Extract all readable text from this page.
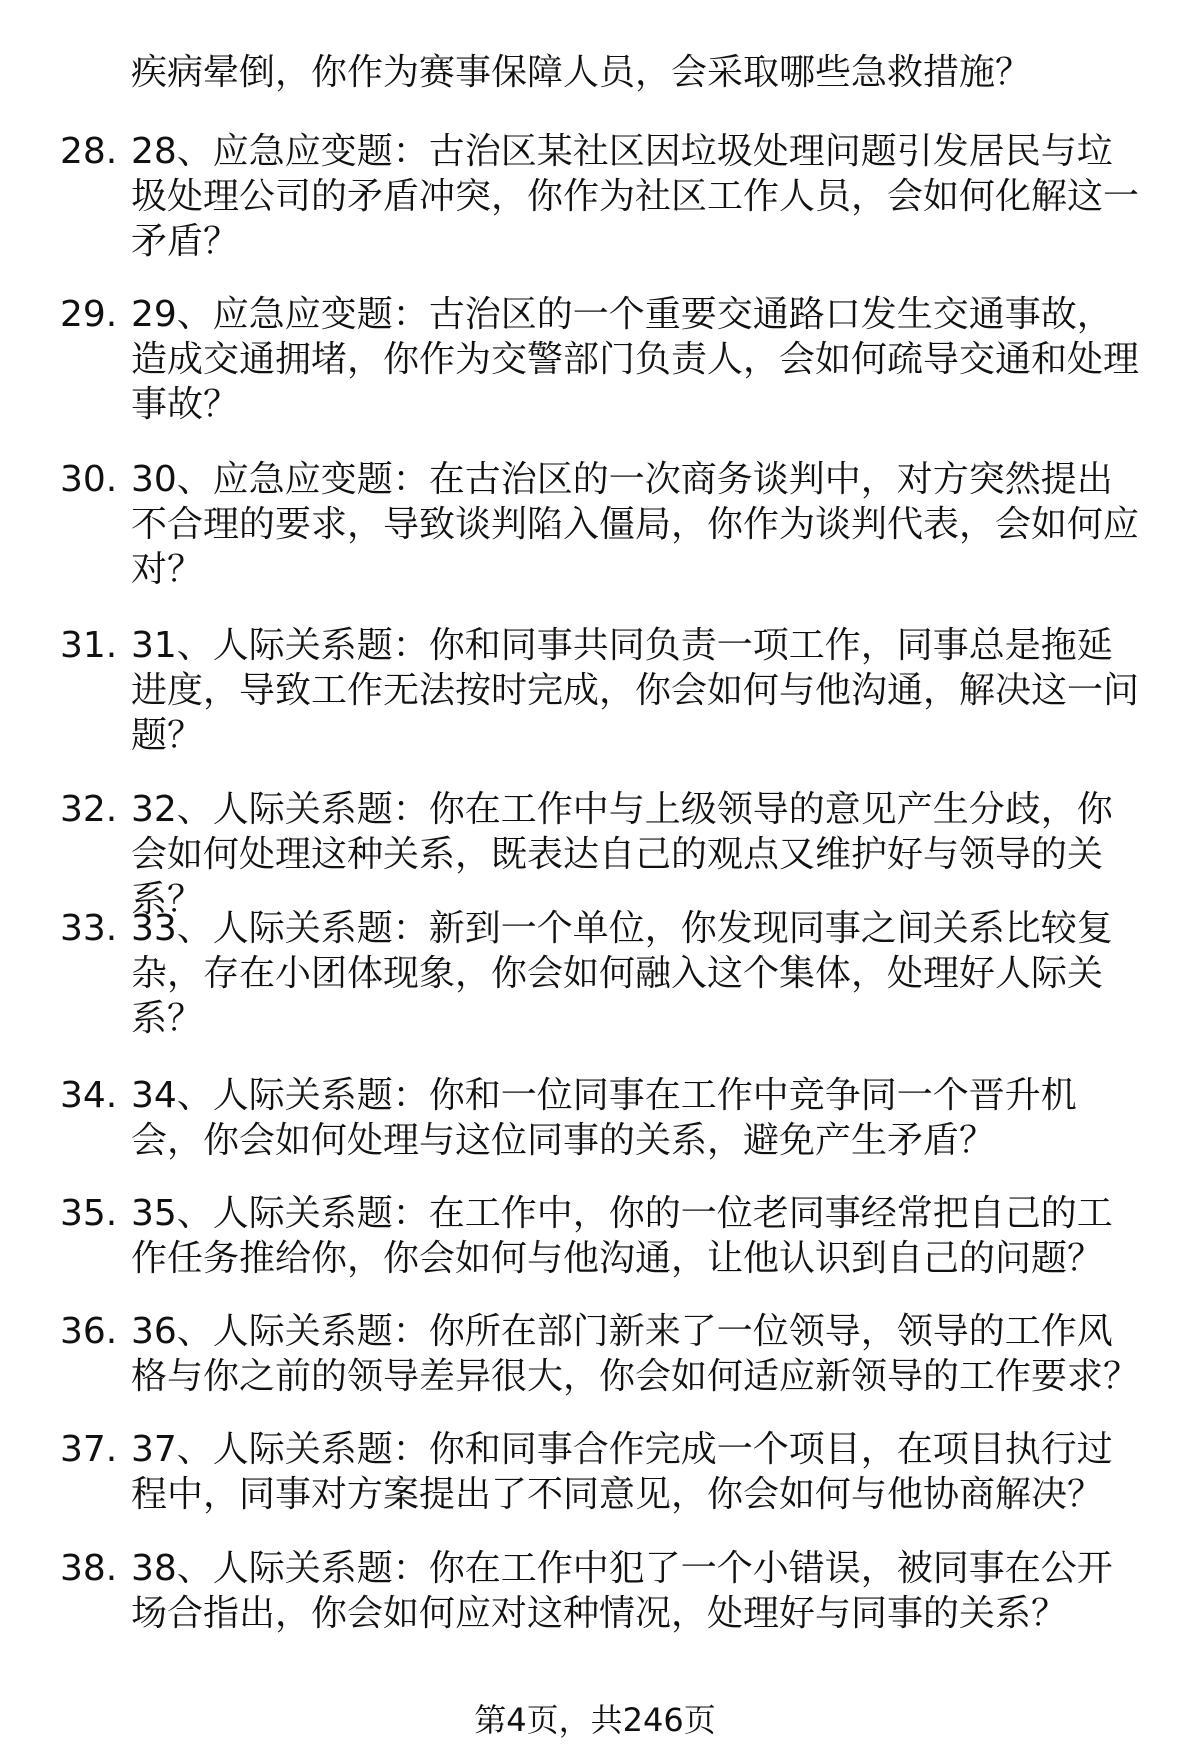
疾病晕倒，你作为赛事保障人员，会采取哪些急救措施？
28. 28、应急应变题：古治区某社区因垃圾处理问题引发居民与垃圾处理公司的矛盾冲突，你作为社区工作人员，会如何化解这一矛盾？
29. 29、应急应变题：古治区的一个重要交通路口发生交通事故，造成交通拥堵，你作为交警部门负责人，会如何疏导交通和处理事故？
30. 30、应急应变题：在古治区的一次商务谈判中，对方突然提出不合理的要求，导致谈判陷入僵局，你作为谈判代表，会如何应对？
31. 31、人际关系题：你和同事共同负责一项工作，同事总是拖延进度，导致工作无法按时完成，你会如何与他沟通，解决这一问题？
32. 32、人际关系题：你在工作中与上级领导的意见产生分歧，你会如何处理这种关系，既表达自己的观点又维护好与领导的关系？
33. 33、人际关系题：新到一个单位，你发现同事之间关系比较复杂，存在小团体现象，你会如何融入这个集体，处理好人际关系？
34. 34、人际关系题：你和一位同事在工作中竞争同一个晋升机会，你会如何处理与这位同事的关系，避免产生矛盾？
35. 35、人际关系题：在工作中，你的一位老同事经常把自己的工作任务推给你，你会如何与他沟通，让他认识到自己的问题？
36. 36、人际关系题：你所在部门新来了一位领导，领导的工作风格与你之前的领导差异很大，你会如何适应新领导的工作要求？
37. 37、人际关系题：你和同事合作完成一个项目，在项目执行过程中，同事对方案提出了不同意见，你会如何与他协商解决？
38. 38、人际关系题：你在工作中犯了一个小错误，被同事在公开场合指出，你会如何应对这种情况，处理好与同事的关系？
第4页，共246页
